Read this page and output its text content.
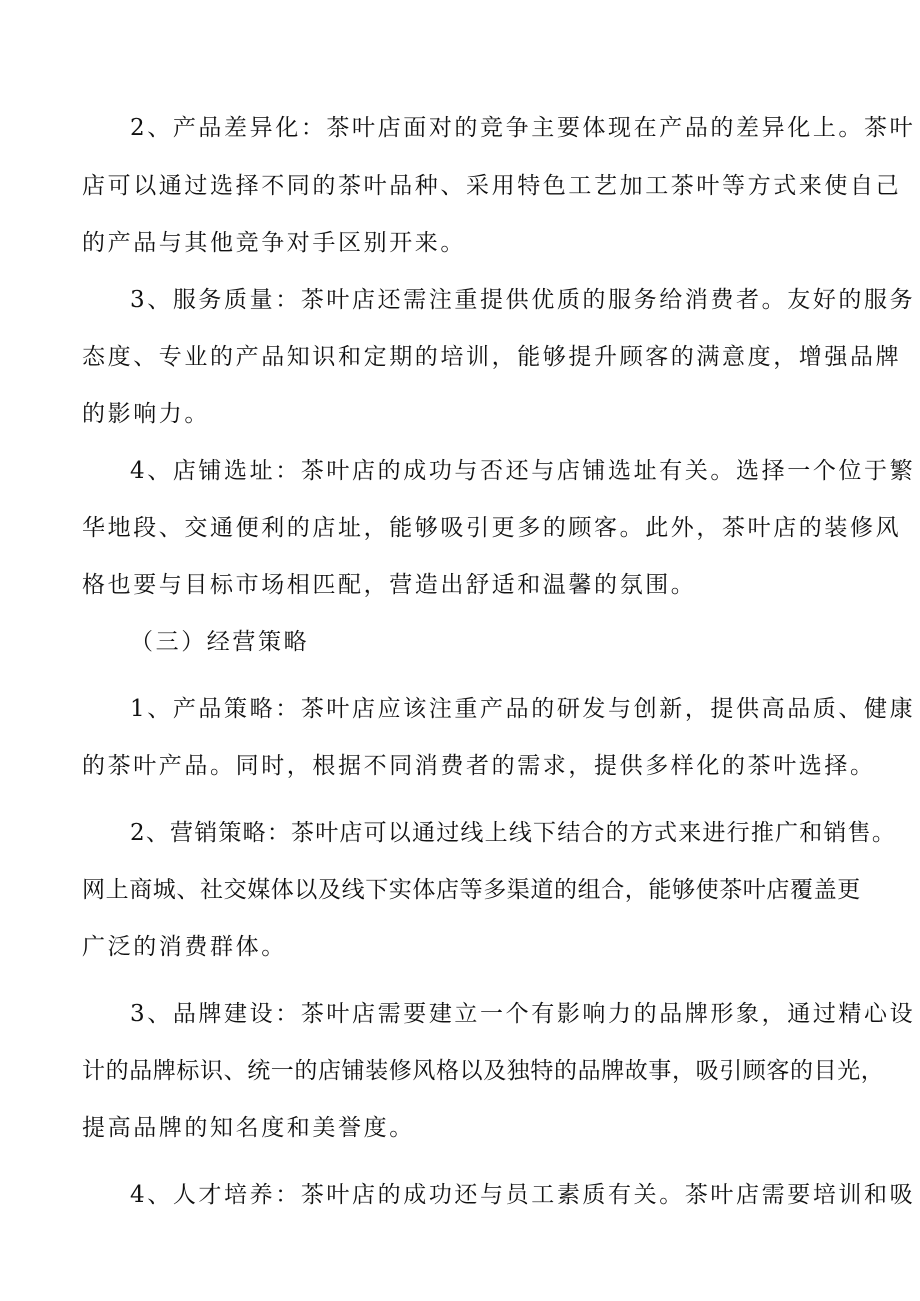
2、产品差异化：茶叶店面对的竞争主要体现在产品的差异化上。茶叶
店可以通过选择不同的茶叶品种、采用特色工艺加工茶叶等方式来使自己
的产品与其他竞争对手区别开来。
3、服务质量：茶叶店还需注重提供优质的服务给消费者。友好的服务
态度、专业的产品知识和定期的培训，能够提升顾客的满意度，增强品牌
的影响力。
4、店铺选址：茶叶店的成功与否还与店铺选址有关。选择一个位于繁
华地段、交通便利的店址，能够吸引更多的顾客。此外，茶叶店的装修风
格也要与目标市场相匹配，营造出舒适和温馨的氛围。
（三）经营策略
1、产品策略：茶叶店应该注重产品的研发与创新，提供高品质、健康
的茶叶产品。同时，根据不同消费者的需求，提供多样化的茶叶选择。
2、营销策略：茶叶店可以通过线上线下结合的方式来进行推广和销售。
网上商城、社交媒体以及线下实体店等多渠道的组合，能够使茶叶店覆盖更
广泛的消费群体。
3、品牌建设：茶叶店需要建立一个有影响力的品牌形象，通过精心设
计的品牌标识、统一的店铺装修风格以及独特的品牌故事，吸引顾客的目光，
提高品牌的知名度和美誉度。
4、人才培养：茶叶店的成功还与员工素质有关。茶叶店需要培训和吸
